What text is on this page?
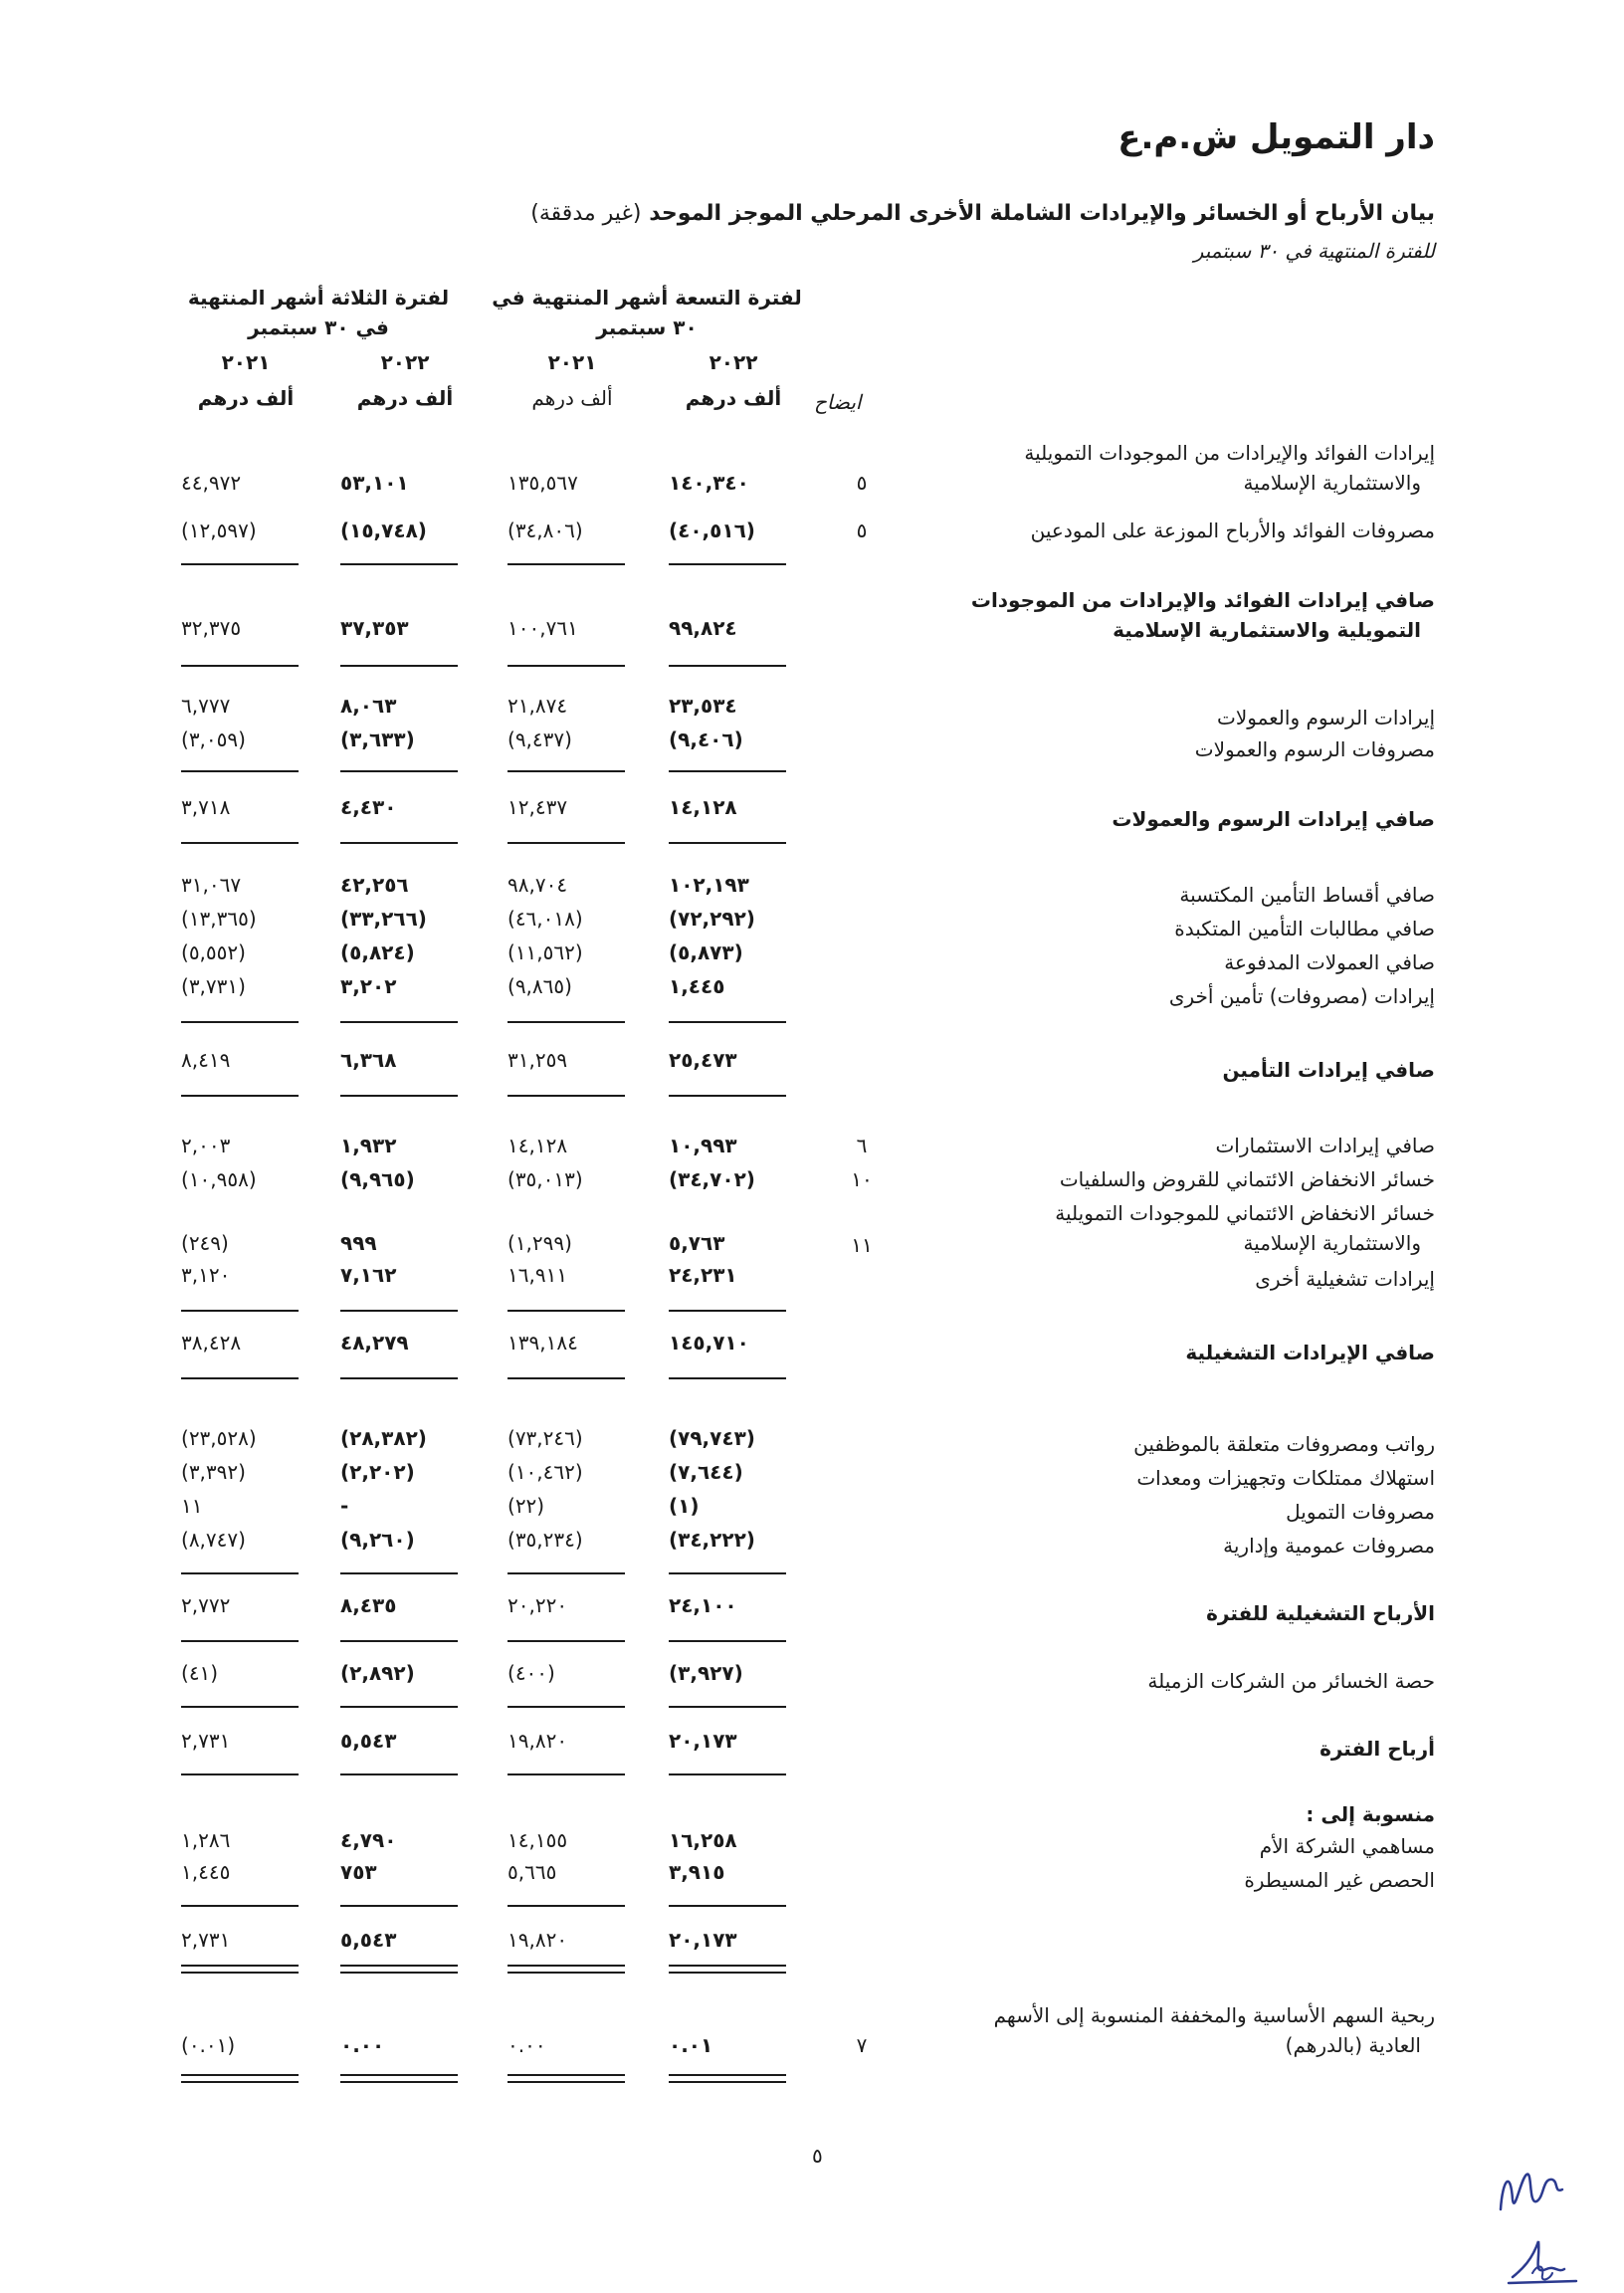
دار التمويل ش.م.ع
بيان الأرباح أو الخسائر والإيرادات الشاملة الأخرى المرحلي الموجز الموحد (غير مدققة)
للفترة المنتهية في ٣٠ سبتمبر
لفترة التسعة أشهر المنتهية في
٣٠ سبتمبر
لفترة الثلاثة أشهر المنتهية
في ٣٠ سبتمبر
٢٠٢٢
٢٠٢١
٢٠٢٢
٢٠٢١
ألف درهم
ألف درهم
ألف درهم
ألف درهم	ايضاح
إيرادات الفوائد والإيرادات من الموجودات التمويلية
والاستثمارية الإسلامية
مصروفات الفوائد والأرباح الموزعة على المودعين
صافي إيرادات الفوائد والإيرادات من الموجودات
التمويلية والاستثمارية الإسلامية
إيرادات الرسوم والعمولات
مصروفات الرسوم والعمولات
صافي إيرادات الرسوم والعمولات
صافي أقساط التأمين المكتسبة
صافي مطالبات التأمين المتكبدة
صافي العمولات المدفوعة
إيرادات (مصروفات) تأمين أخرى
صافي إيرادات التأمين
صافي إيرادات الاستثمارات
خسائر الانخفاض الائتماني للقروض والسلفيات
خسائر الانخفاض الائتماني للموجودات التمويلية
والاستثمارية الإسلامية
إيرادات تشغيلية أخرى
صافي الإيرادات التشغيلية
رواتب ومصروفات متعلقة بالموظفين
استهلاك ممتلكات وتجهيزات ومعدات
مصروفات التمويل
مصروفات عمومية وإدارية
الأرباح التشغيلية للفترة
حصة الخسائر من الشركات الزميلة
أرباح الفترة
منسوبة إلى :
مساهمي الشركة الأم
الحصص غير المسيطرة
ربحية السهم الأساسية والمخففة المنسوبة إلى الأسهم
العادية (بالدرهم)
٥
٥
٦
١٠
١١
٧
١٤٠,٣٤٠
١٣٥,٥٦٧
٥٣,١٠١
٤٤,٩٧٢
(٤٠,٥١٦)
(٣٤,٨٠٦)
(١٥,٧٤٨)
(١٢,٥٩٧)
٩٩,٨٢٤
١٠٠,٧٦١
٣٧,٣٥٣
٣٢,٣٧٥
٢٣,٥٣٤
٢١,٨٧٤
٨,٠٦٣
٦,٧٧٧
(٩,٤٠٦)
(٩,٤٣٧)
(٣,٦٣٣)
(٣,٠٥٩)
١٤,١٢٨
١٢,٤٣٧
٤,٤٣٠
٣,٧١٨
١٠٢,١٩٣
٩٨,٧٠٤
٤٢,٢٥٦
٣١,٠٦٧
(٧٢,٢٩٢)
(٤٦,٠١٨)
(٣٣,٢٦٦)
(١٣,٣٦٥)
(٥,٨٧٣)
(١١,٥٦٢)
(٥,٨٢٤)
(٥,٥٥٢)
١,٤٤٥
(٩,٨٦٥)
٣,٢٠٢
(٣,٧٣١)
٢٥,٤٧٣
٣١,٢٥٩
٦,٣٦٨
٨,٤١٩
١٠,٩٩٣
١٤,١٢٨
١,٩٣٢
٢,٠٠٣
(٣٤,٧٠٢)
(٣٥,٠١٣)
(٩,٩٦٥)
(١٠,٩٥٨)
٥,٧٦٣
(١,٢٩٩)
٩٩٩
(٢٤٩)
٢٤,٢٣١
١٦,٩١١
٧,١٦٢
٣,١٢٠
١٤٥,٧١٠
١٣٩,١٨٤
٤٨,٢٧٩
٣٨,٤٢٨
(٧٩,٧٤٣)
(٧٣,٢٤٦)
(٢٨,٣٨٢)
(٢٣,٥٢٨)
(٧,٦٤٤)
(١٠,٤٦٢)
(٢,٢٠٢)
(٣,٣٩٢)
(١)
(٢٢)
-
١١
(٣٤,٢٢٢)
(٣٥,٢٣٤)
(٩,٢٦٠)
(٨,٧٤٧)
٢٤,١٠٠
٢٠,٢٢٠
٨,٤٣٥
٢,٧٧٢
(٣,٩٢٧)
(٤٠٠)
(٢,٨٩٢)
(٤١)
٢٠,١٧٣
١٩,٨٢٠
٥,٥٤٣
٢,٧٣١
١٦,٢٥٨
١٤,١٥٥
٤,٧٩٠
١,٢٨٦
٣,٩١٥
٥,٦٦٥
٧٥٣
١,٤٤٥
٢٠,١٧٣
١٩,٨٢٠
٥,٥٤٣
٢,٧٣١
٠.٠١
٠.٠٠
٠.٠٠
(٠.٠١)
٥
